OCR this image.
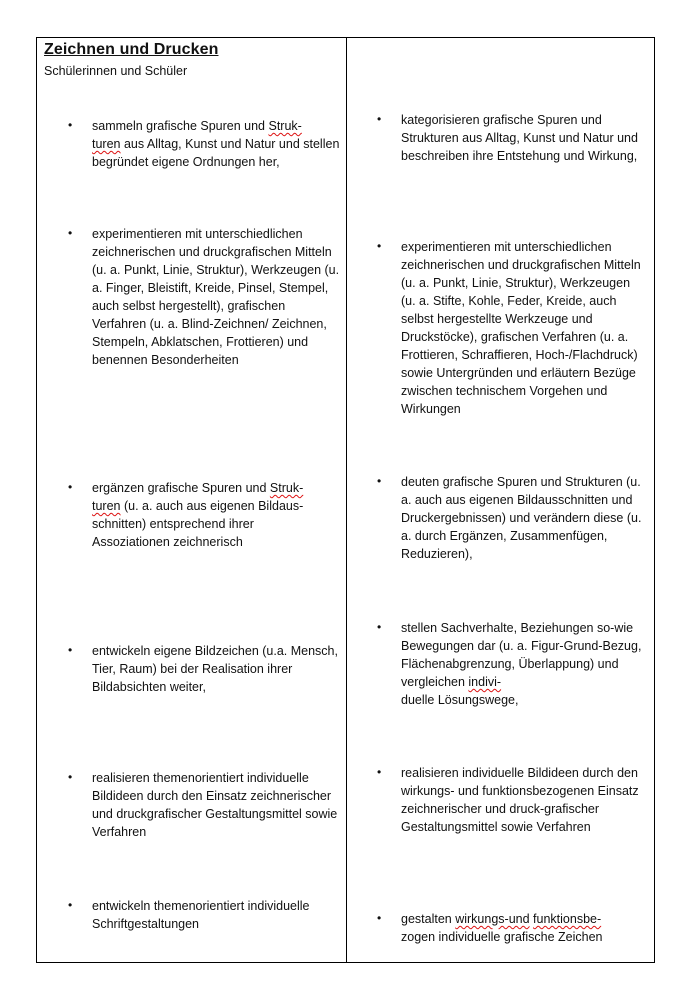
Zeichnen und Drucken
Schülerinnen und Schüler

• sammeln grafische Spuren und Struk-
turen aus Alltag, Kunst und Natur und stellen begründet eigene Ordnungen her,

• experimentieren mit unterschiedlichen zeichnerischen und druckgrafischen Mitteln (u. a. Punkt, Linie, Struktur), Werkzeugen (u. a. Finger, Bleistift, Kreide, Pinsel, Stempel, auch selbst hergestellt), grafischen Verfahren (u. a. Blind-Zeichnen/ Zeichnen, Stempeln, Abklatschen, Frottieren) und benennen Besonderheiten

• ergänzen grafische Spuren und Struk-
turen (u. a. auch aus eigenen Bildaus-schnitten) entsprechend ihrer Assoziationen zeichnerisch

• entwickeln eigene Bildzeichen (u.a. Mensch, Tier, Raum) bei der Realisation ihrer Bildabsichten weiter,

• realisieren themenorientiert individuelle Bildideen durch den Einsatz zeichnerischer und druckgrafischer Gestaltungsmittel sowie Verfahren

• entwickeln themenorientiert individuelle Schriftgestaltungen

• kategorisieren grafische Spuren und Strukturen aus Alltag, Kunst und Natur und beschreiben ihre Entstehung und Wirkung,

• experimentieren mit unterschiedlichen zeichnerischen und druckgrafischen Mitteln (u. a. Punkt, Linie, Struktur), Werkzeugen (u. a. Stifte, Kohle, Feder, Kreide, auch selbst hergestellte Werkzeuge und Druckstöcke), grafischen Verfahren (u. a. Frottieren, Schraffieren, Hoch-/Flachdruck) sowie Untergründen und erläutern Bezüge zwischen technischem Vorgehen und Wirkungen

• deuten grafische Spuren und Strukturen (u. a. auch aus eigenen Bildausschnitten und Druckergebnissen) und verändern diese (u. a. durch Ergänzen, Zusammenfügen, Reduzieren),

• stellen Sachverhalte, Beziehungen so-wie Bewegungen dar (u. a. Figur-Grund-Bezug, Flächenabgrenzung, Überlappung) und vergleichen indivi-
duelle Lösungswege,

• realisieren individuelle Bildideen durch den wirkungs- und funktionsbezogenen Einsatz zeichnerischer und druck-grafischer Gestaltungsmittel sowie Verfahren

• gestalten wirkungs-und funktionsbe-
zogen individuelle grafische Zeichen
